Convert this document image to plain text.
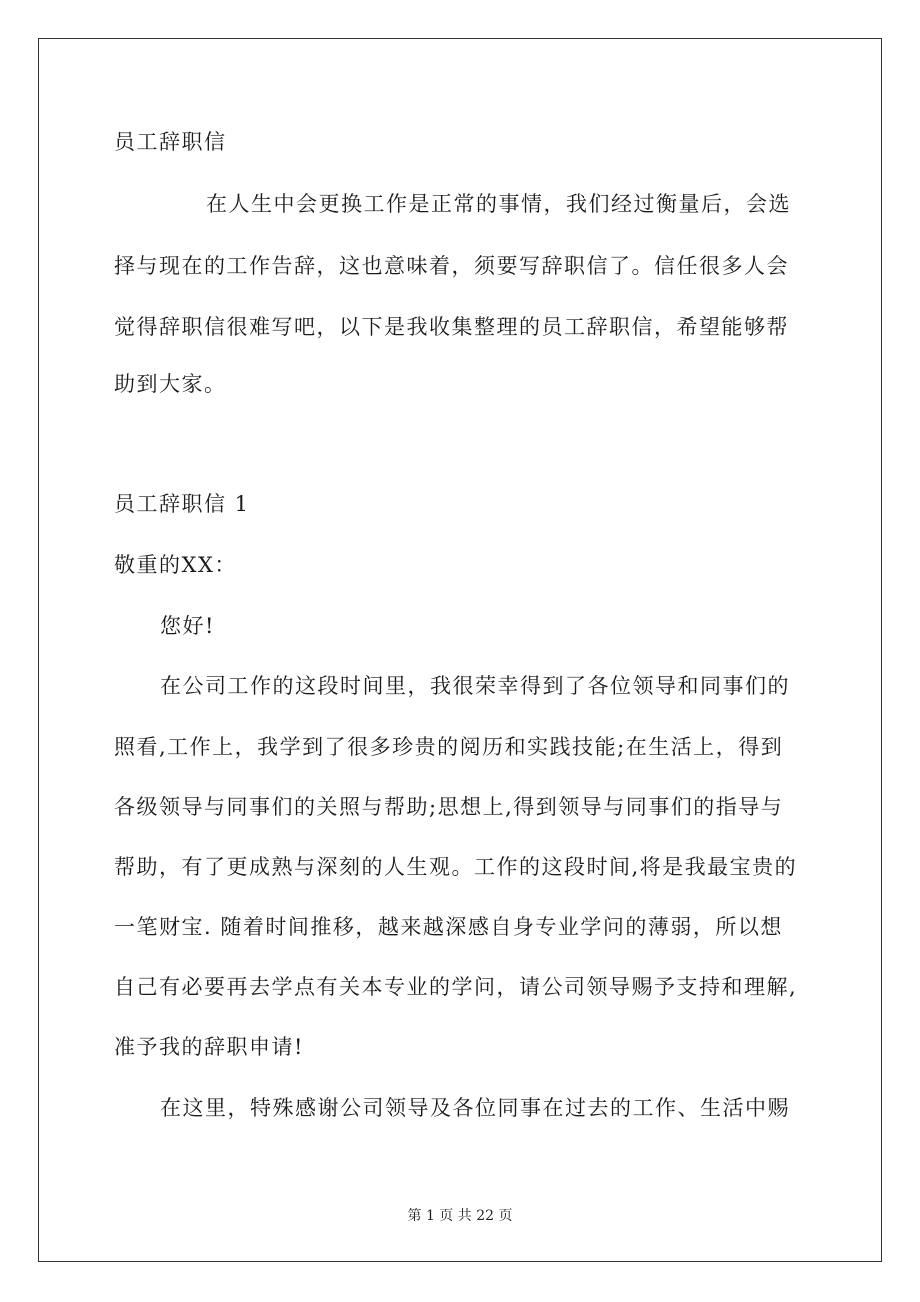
员工辞职信
在人生中会更换工作是正常的事情，我们经过衡量后，会选
择与现在的工作告辞，这也意味着，须要写辞职信了。信任很多人会
觉得辞职信很难写吧，以下是我收集整理的员工辞职信，希望能够帮
助到大家。
员工辞职信 1
敬重的XX：
您好!
在公司工作的这段时间里，我很荣幸得到了各位领导和同事们的
照看,工作上，我学到了很多珍贵的阅历和实践技能;在生活上，得到
各级领导与同事们的关照与帮助;思想上,得到领导与同事们的指导与
帮助，有了更成熟与深刻的人生观。工作的这段时间,将是我最宝贵的
一笔财宝. 随着时间推移，越来越深感自身专业学问的薄弱，所以想
自己有必要再去学点有关本专业的学问，请公司领导赐予支持和理解,
准予我的辞职申请!
在这里，特殊感谢公司领导及各位同事在过去的工作、生活中赐
第 1 页 共 22 页
